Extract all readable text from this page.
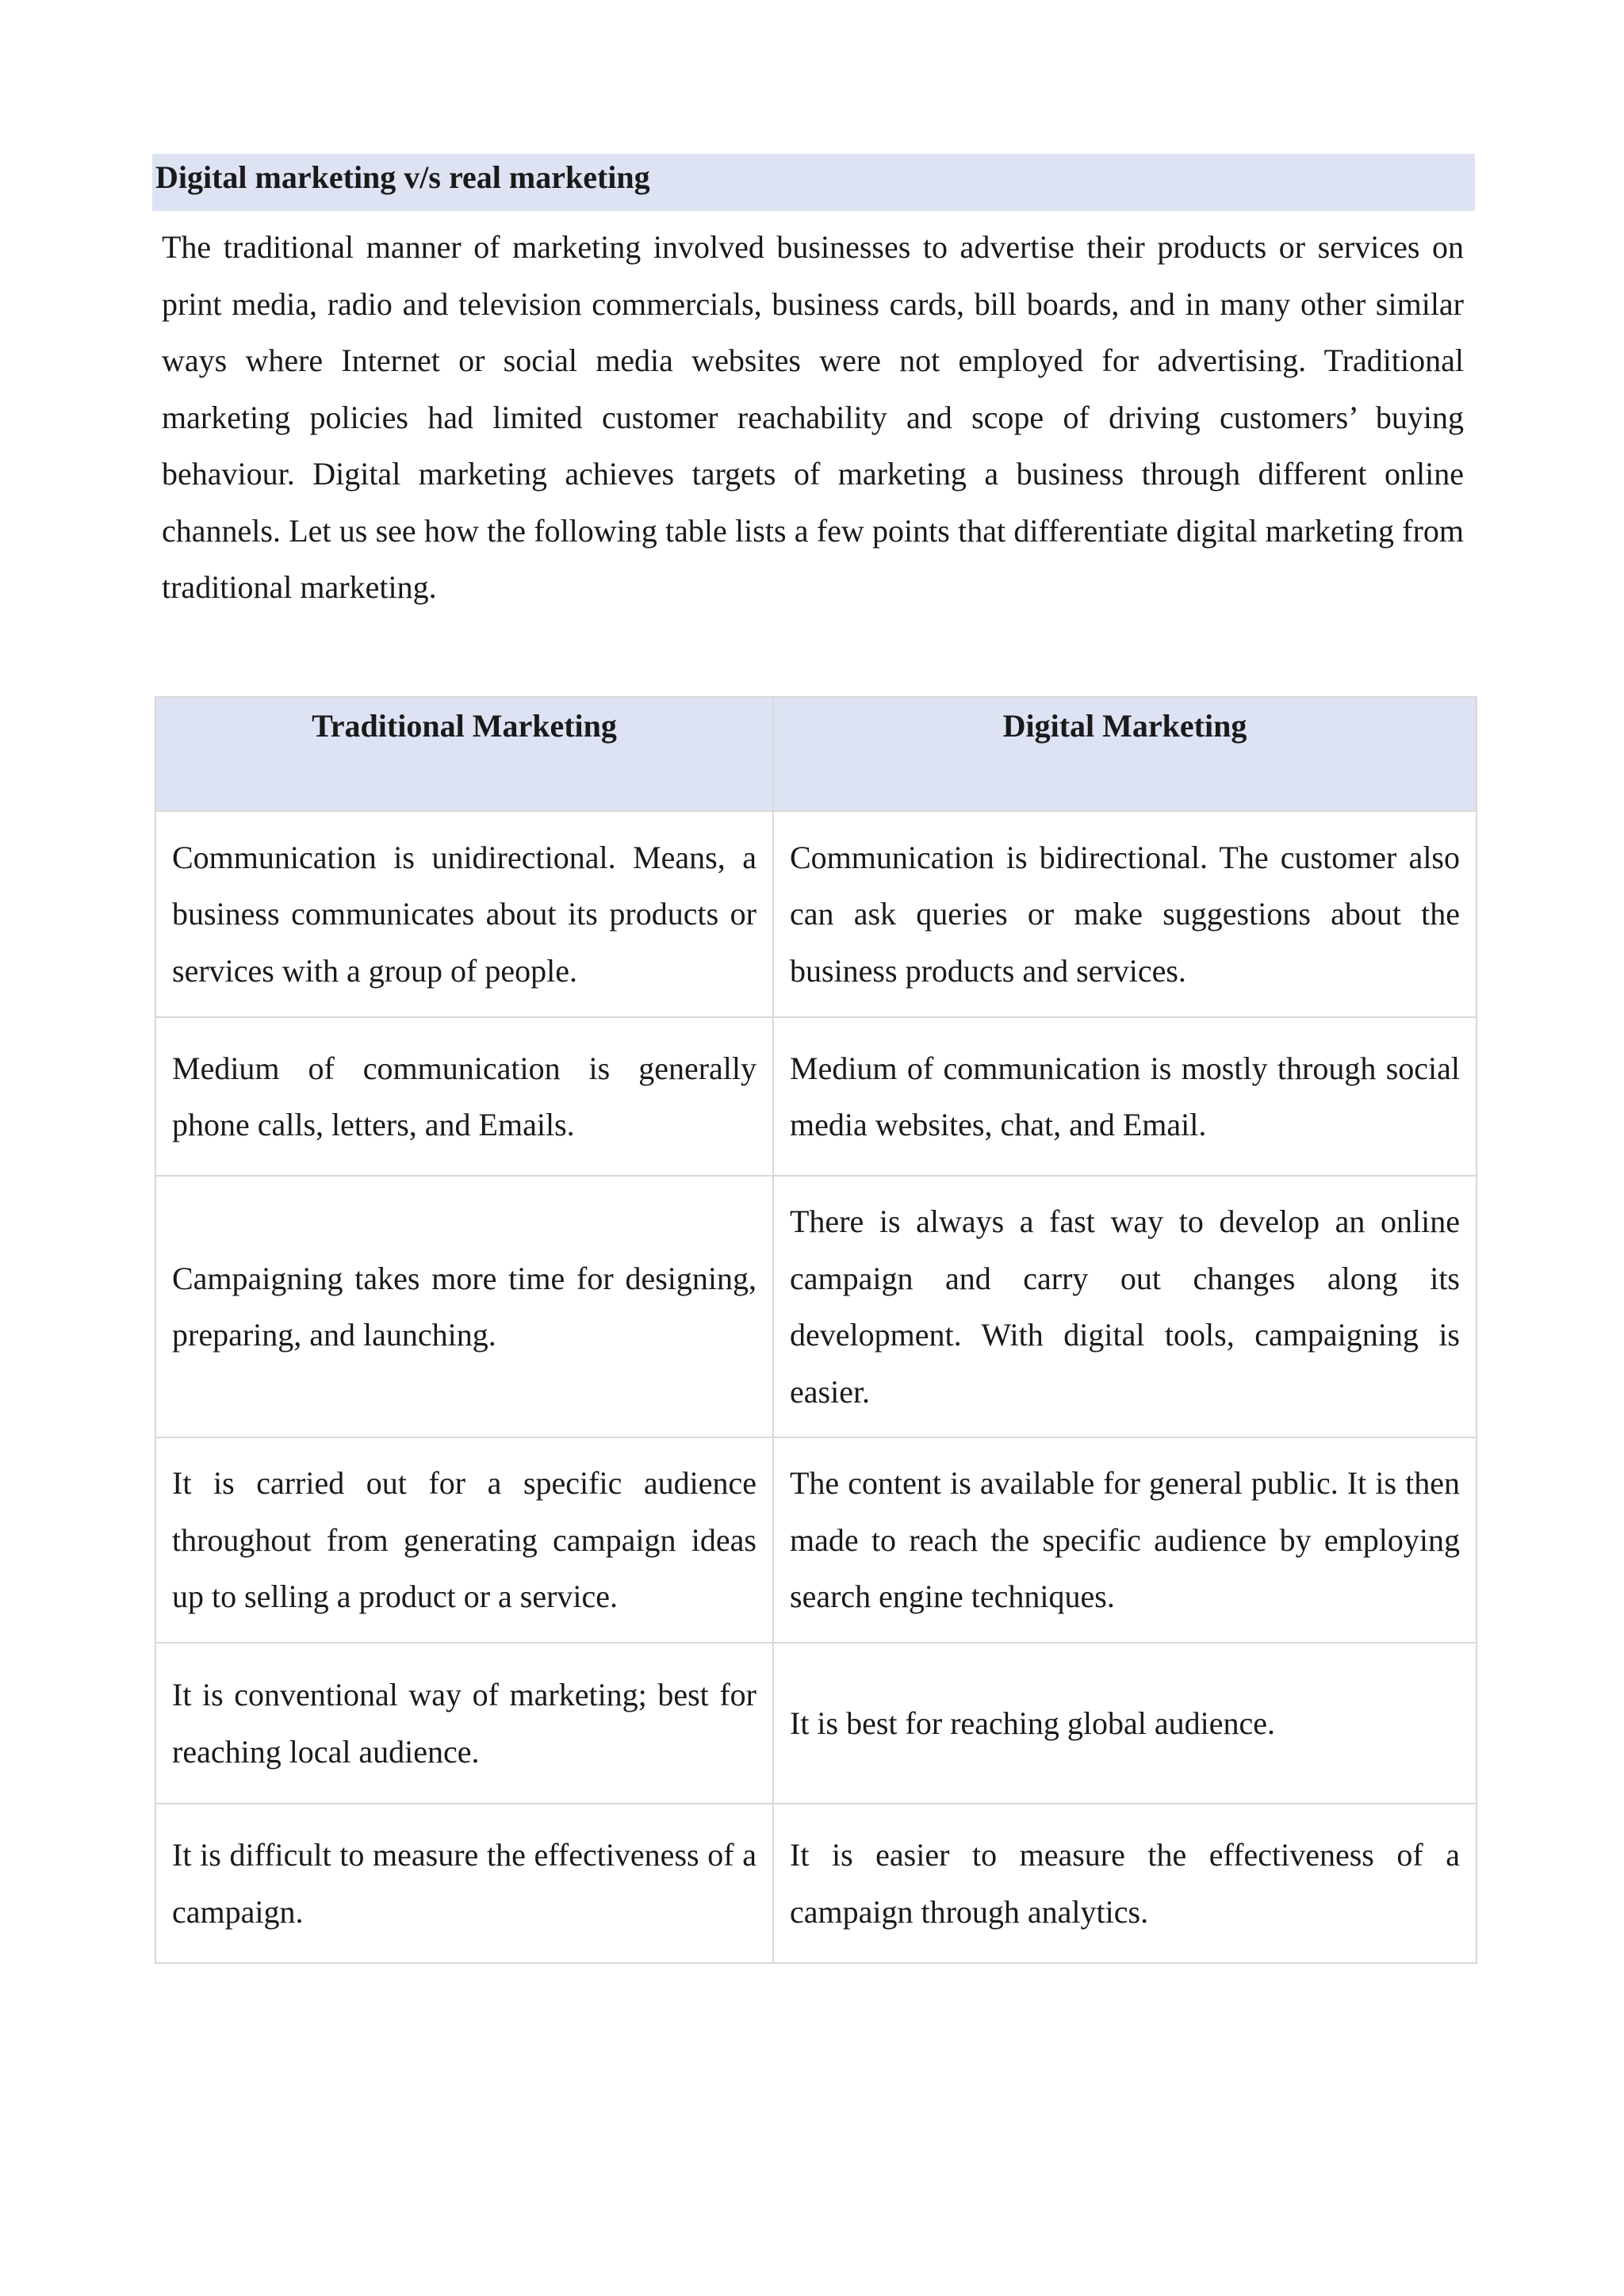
Digital marketing v/s real marketing

The traditional manner of marketing involved businesses to advertise their products or services on print media, radio and television commercials, business cards, bill boards, and in many other similar ways where Internet or social media websites were not employed for advertising. Traditional marketing policies had limited customer reachability and scope of driving customers’ buying behaviour. Digital marketing achieves targets of marketing a business through different online channels. Let us see how the following table lists a few points that differentiate digital marketing from traditional marketing.

Traditional Marketing	Digital Marketing
Communication is unidirectional. Means, a business communicates about its products or services with a group of people.	Communication is bidirectional. The customer also can ask queries or make suggestions about the business products and services.
Medium of communication is generally phone calls, letters, and Emails.	Medium of communication is mostly through social media websites, chat, and Email.
Campaigning takes more time for designing, preparing, and launching.	There is always a fast way to develop an online campaign and carry out changes along its development. With digital tools, campaigning is easier.
It is carried out for a specific audience throughout from generating campaign ideas up to selling a product or a service.	The content is available for general public. It is then made to reach the specific audience by employing search engine techniques.
It is conventional way of marketing; best for reaching local audience.	It is best for reaching global audience.
It is difficult to measure the effectiveness of a campaign.	It is easier to measure the effectiveness of a campaign through analytics.
